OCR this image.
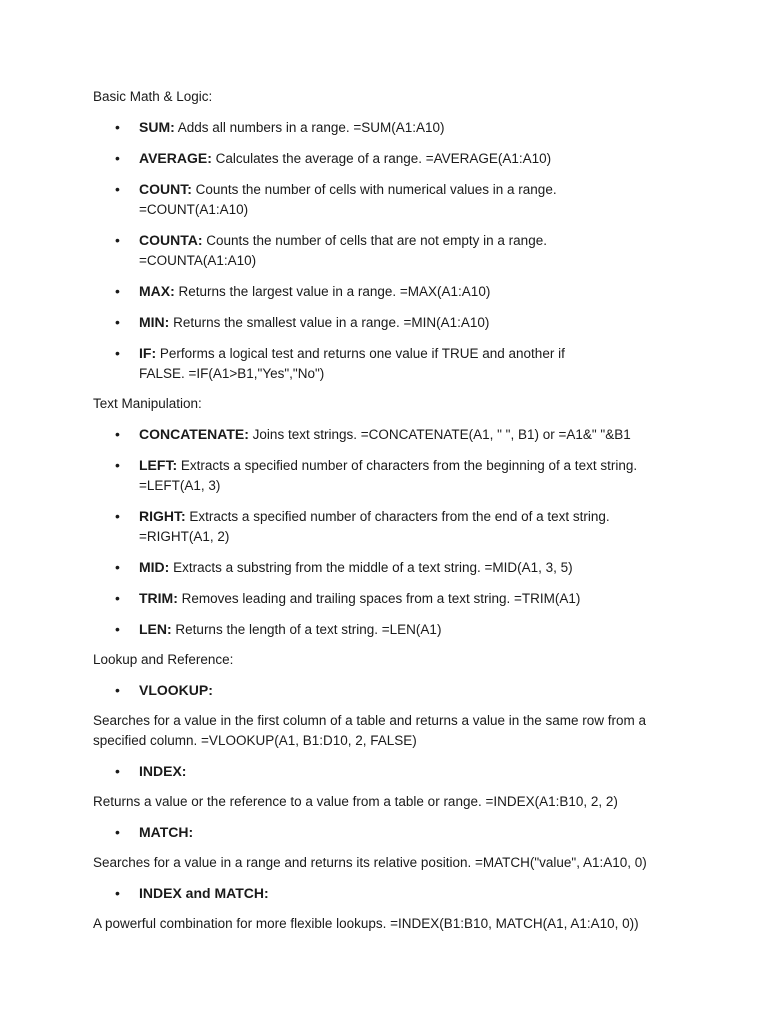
Basic Math & Logic:
• SUM: Adds all numbers in a range. =SUM(A1:A10)
• AVERAGE: Calculates the average of a range. =AVERAGE(A1:A10)
• COUNT: Counts the number of cells with numerical values in a range. =COUNT(A1:A10)
• COUNTA: Counts the number of cells that are not empty in a range. =COUNTA(A1:A10)
• MAX: Returns the largest value in a range. =MAX(A1:A10)
• MIN: Returns the smallest value in a range. =MIN(A1:A10)
• IF: Performs a logical test and returns one value if TRUE and another if FALSE. =IF(A1>B1,"Yes","No")
Text Manipulation:
• CONCATENATE: Joins text strings. =CONCATENATE(A1, " ", B1) or =A1&" "&B1
• LEFT: Extracts a specified number of characters from the beginning of a text string. =LEFT(A1, 3)
• RIGHT: Extracts a specified number of characters from the end of a text string. =RIGHT(A1, 2)
• MID: Extracts a substring from the middle of a text string. =MID(A1, 3, 5)
• TRIM: Removes leading and trailing spaces from a text string. =TRIM(A1)
• LEN: Returns the length of a text string. =LEN(A1)
Lookup and Reference:
• VLOOKUP:
Searches for a value in the first column of a table and returns a value in the same row from a specified column. =VLOOKUP(A1, B1:D10, 2, FALSE)
• INDEX:
Returns a value or the reference to a value from a table or range. =INDEX(A1:B10, 2, 2)
• MATCH:
Searches for a value in a range and returns its relative position. =MATCH("value", A1:A10, 0)
• INDEX and MATCH:
A powerful combination for more flexible lookups. =INDEX(B1:B10, MATCH(A1, A1:A10, 0))
